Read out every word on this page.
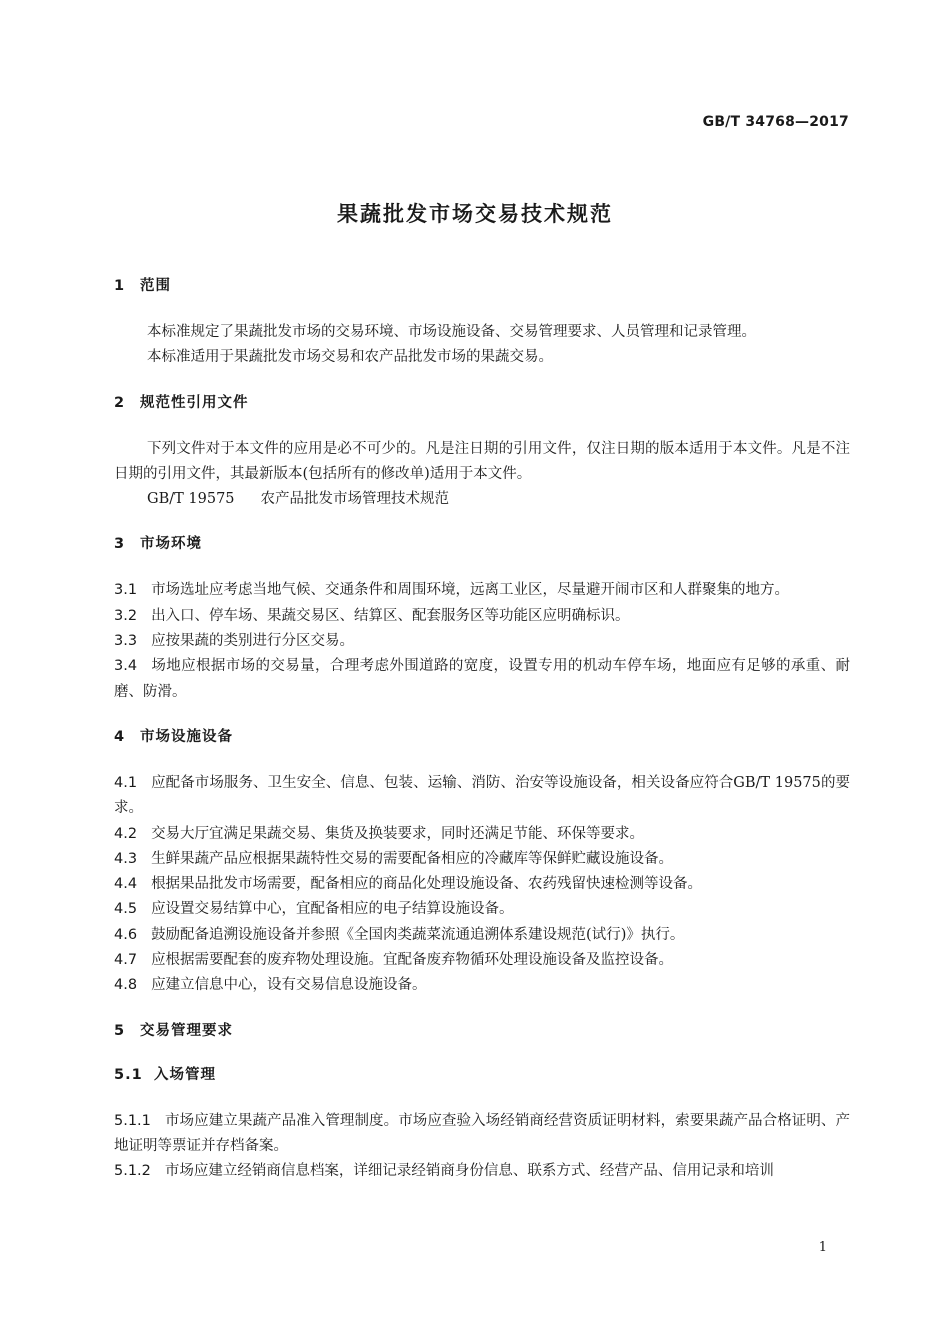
GB/T 34768—2017
果蔬批发市场交易技术规范
1 范围

本标准规定了果蔬批发市场的交易环境、市场设施设备、交易管理要求、人员管理和记录管理。

本标准适用于果蔬批发市场交易和农产品批发市场的果蔬交易。

2 规范性引用文件

下列文件对于本文件的应用是必不可少的。凡是注日期的引用文件，仅注日期的版本适用于本文件。凡是不注日期的引用文件，其最新版本(包括所有的修改单)适用于本文件。

GB/T 19575 农产品批发市场管理技术规范

3 市场环境

3.1 市场选址应考虑当地气候、交通条件和周围环境，远离工业区，尽量避开闹市区和人群聚集的地方。

3.2 出入口、停车场、果蔬交易区、结算区、配套服务区等功能区应明确标识。

3.3 应按果蔬的类别进行分区交易。

3.4 场地应根据市场的交易量，合理考虑外围道路的宽度，设置专用的机动车停车场，地面应有足够的承重、耐磨、防滑。

4 市场设施设备

4.1 应配备市场服务、卫生安全、信息、包装、运输、消防、治安等设施设备，相关设备应符合GB/T 19575的要求。

4.2 交易大厅宜满足果蔬交易、集货及换装要求，同时还满足节能、环保等要求。

4.3 生鲜果蔬产品应根据果蔬特性交易的需要配备相应的冷藏库等保鲜贮藏设施设备。

4.4 根据果品批发市场需要，配备相应的商品化处理设施设备、农药残留快速检测等设备。

4.5 应设置交易结算中心，宜配备相应的电子结算设施设备。

4.6 鼓励配备追溯设施设备并参照《全国肉类蔬菜流通追溯体系建设规范(试行)》执行。

4.7 应根据需要配套的废弃物处理设施。宜配备废弃物循环处理设施设备及监控设备。

4.8 应建立信息中心，设有交易信息设施设备。

5 交易管理要求
5.1 入场管理

5.1.1 市场应建立果蔬产品准入管理制度。市场应查验入场经销商经营资质证明材料，索要果蔬产品合格证明、产地证明等票证并存档备案。

5.1.2 市场应建立经销商信息档案，详细记录经销商身份信息、联系方式、经营产品、信用记录和培训

1
